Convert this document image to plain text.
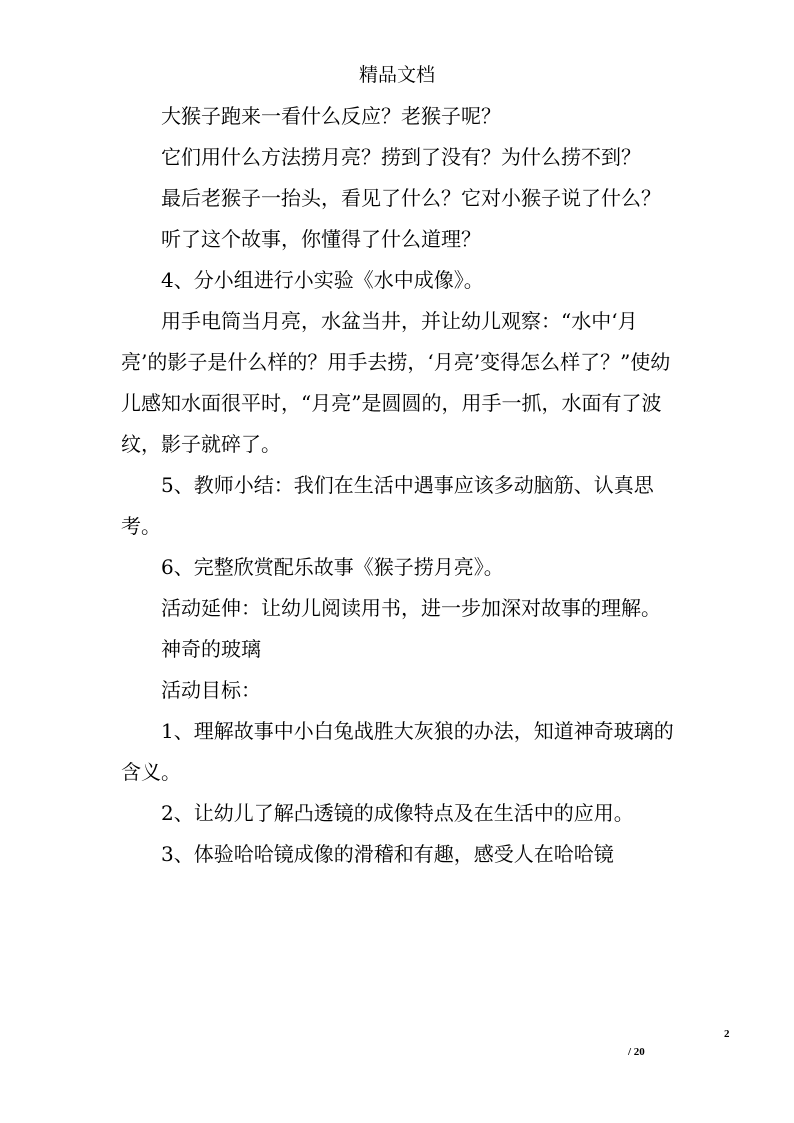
精品文档

大猴子跑来一看什么反应？老猴子呢？

它们用什么方法捞月亮？捞到了没有？为什么捞不到？

最后老猴子一抬头，看见了什么？它对小猴子说了什么？

听了这个故事，你懂得了什么道理？

4、分小组进行小实验《水中成像》。

用手电筒当月亮，水盆当井，并让幼儿观察：“水中‘月亮’的影子是什么样的？用手去捞，‘月亮’变得怎么样了？”使幼儿感知水面很平时，“月亮”是圆圆的，用手一抓，水面有了波纹，影子就碎了。

5、教师小结：我们在生活中遇事应该多动脑筋、认真思考。

6、完整欣赏配乐故事《猴子捞月亮》。

活动延伸：让幼儿阅读用书，进一步加深对故事的理解。

神奇的玻璃

活动目标：

1、理解故事中小白兔战胜大灰狼的办法，知道神奇玻璃的含义。

2、让幼儿了解凸透镜的成像特点及在生活中的应用。

3、体验哈哈镜成像的滑稽和有趣，感受人在哈哈镜

2
/ 20
